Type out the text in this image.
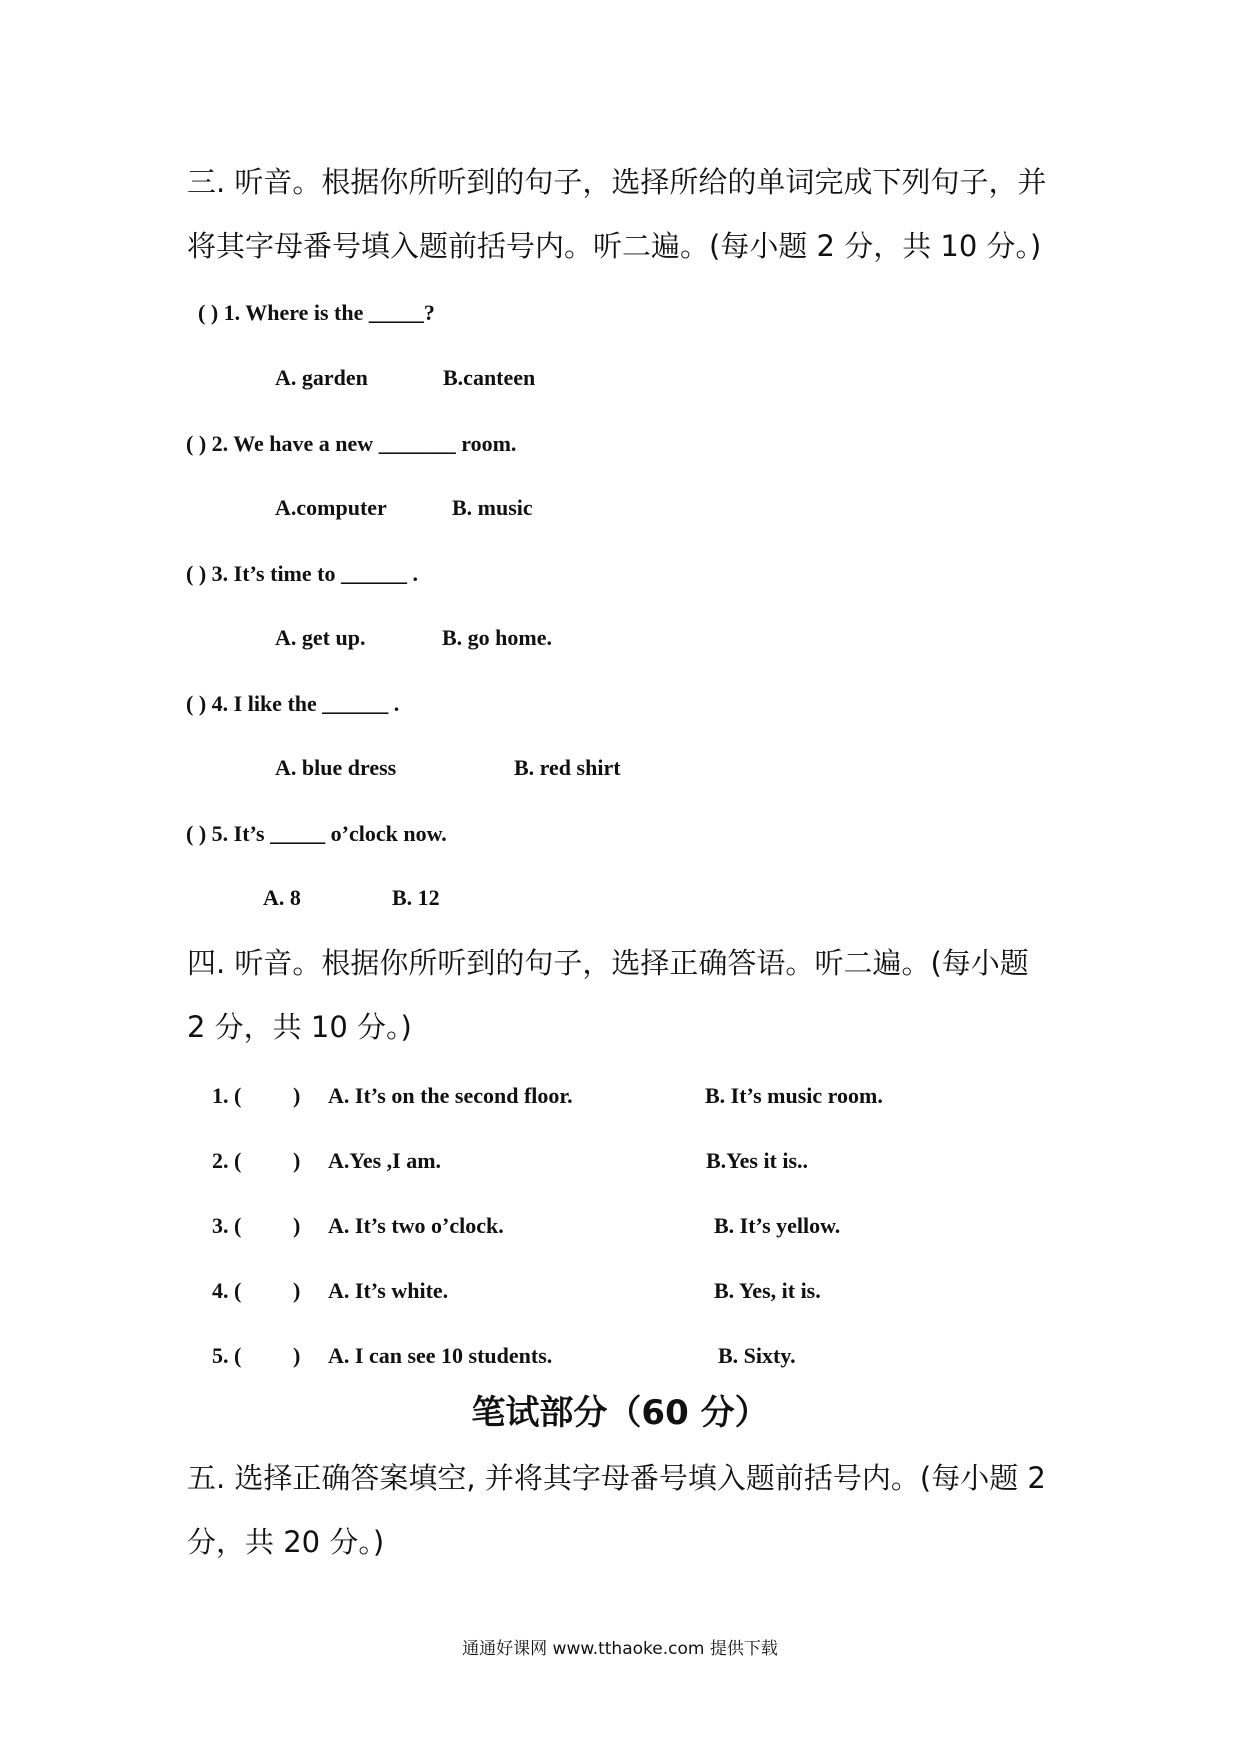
三. 听音。根据你所听到的句子，选择所给的单词完成下列句子，并
将其字母番号填入题前括号内。听二遍。(每小题 2 分，共 10 分。)
( ) 1. Where is the _____?
A. garden	B.canteen
( ) 2. We have a new _______ room.
A.computer	B. music
( ) 3. It’s time to ______ .
A. get up.	B. go home.
( ) 4. I like the ______ .
A. blue dress	B. red shirt
( ) 5. It’s _____ o’clock now.
A. 8	B. 12
四. 听音。根据你所听到的句子，选择正确答语。听二遍。(每小题
2 分，共 10 分。)
1. ( ) A. It’s on the second floor.	B. It’s music room.
2. ( ) A.Yes ,I am.	B.Yes it is..
3. ( ) A. It’s two o’clock.	B. It’s yellow.
4. ( ) A. It’s white.	B. Yes, it is.
5. ( ) A. I can see 10 students.	B. Sixty.
笔试部分（60 分）
五. 选择正确答案填空, 并将其字母番号填入题前括号内。(每小题 2
分，共 20 分。)
通通好课网 www.tthaoke.com 提供下载
